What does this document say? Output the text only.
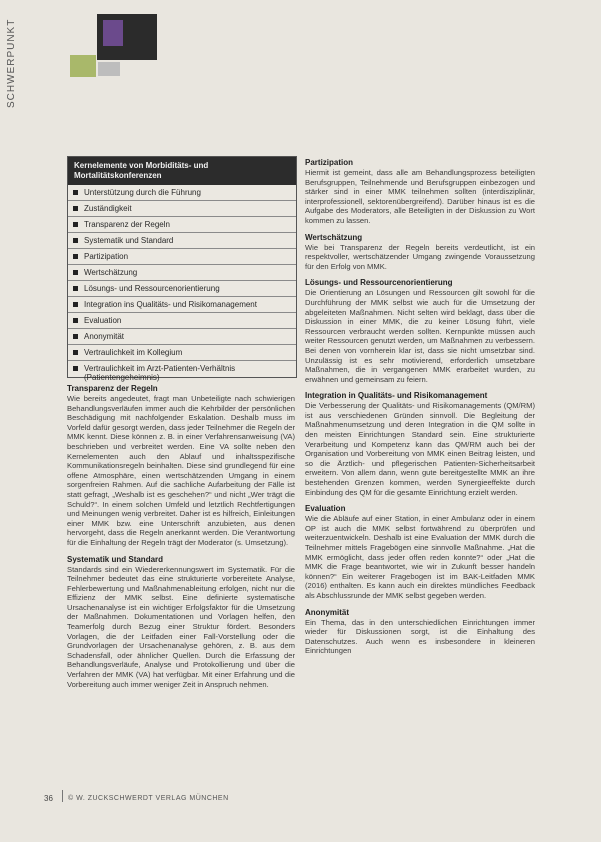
SCHWERPUNKT
Kernelemente von Morbiditäts- und Mortalitätskonferenzen
Unterstützung durch die Führung
Zuständigkeit
Transparenz der Regeln
Systematik und Standard
Partizipation
Wertschätzung
Lösungs- und Ressourcenorientierung
Integration ins Qualitäts- und Risikomanagement
Evaluation
Anonymität
Vertraulichkeit im Kollegium
Vertraulichkeit im Arzt-Patienten-Verhältnis (Patientengeheimnis)
Transparenz der Regeln

Wie bereits angedeutet, fragt man Unbeteiligte nach schwierigen Behandlungsverläufen immer auch die Kehrbilder der persönlichen Beschädigung mit nachfolgender Eskalation. Deshalb muss im Vorfeld dafür gesorgt werden, dass jeder Teilnehmer die Regeln der MMK kennt. Diese können z. B. in einer Verfahrensanweisung (VA) beschrieben und verbreitet werden. Eine VA sollte neben den Kernelementen auch den Ablauf und inhaltsspezifische Kommunikationsregeln beinhalten. Diese sind grundlegend für eine offene Atmosphäre, einen wertschätzenden Umgang in einem sorgenfreien Rahmen. Auf die sachliche Aufarbeitung der Fälle ist statt gefragt, „Weshalb ist es geschehen?“ und nicht „Wer trägt die Schuld?“. In einem solchen Umfeld und letztlich Rechtfertigungen und Meinungen wenig verbreitet. Daher ist es hilfreich, Einleitungen einer MMK bzw. eine Unterschrift anzubieten, aus denen hervorgeht, dass die Regeln anerkannt werden. Die Verantwortung für die Einhaltung der Regeln trägt der Moderator (s. Umsetzung).

Systematik und Standard

Standards sind ein Wiedererkennungswert im Systematik. Für die Teilnehmer bedeutet das eine strukturierte vorbereitete Analyse, Fehlerbewertung und Maßnahmenableitung erfolgen, nicht nur die Effizienz der MMK selbst. Eine definierte systematische Ursachenanalyse ist ein wichtiger Erfolgsfaktor für die Umsetzung der Maßnahmen. Dokumentationen und Vorlagen helfen, den Teamerfolg durch Bezug einer Struktur fördert. Besonders Vorlagen, die der Leitfaden einer Fall-Vorstellung oder die Grundvorlagen der Ursachenanalyse gehören, z. B. aus dem Schadensfall, oder ähnlicher Quellen. Durch die Erfassung der Behandlungsverläufe, Analyse und Protokollierung und über die Verfahren der MMK (VA) hat verfügbar. Mit einer Erfahrung und die Vorbereitung auch immer weniger Zeit in Anspruch nehmen.

Partizipation

Hiermit ist gemeint, dass alle am Behandlungsprozess beteiligten Berufsgruppen, Teilnehmende und Berufsgruppen einbezogen und stärker sind in einer MMK teilnehmen sollten (interdisziplinär, interprofessionell, sektorenübergreifend). Darüber hinaus ist es die Aufgabe des Moderators, alle Beteiligten in der Diskussion zu Wort kommen zu lassen.

Wertschätzung

Wie bei Transparenz der Regeln bereits verdeutlicht, ist ein respektvoller, wertschätzender Umgang zwingende Voraussetzung für den Erfolg von MMK.

Lösungs- und Ressourcenorientierung

Die Orientierung an Lösungen und Ressourcen gilt sowohl für die Durchführung der MMK selbst wie auch für die Umsetzung der abgeleiteten Maßnahmen. Nicht selten wird beklagt, dass über die Diskussion in einer MMK, die zu keiner Lösung führt, viele Ressourcen verbraucht werden sollten. Kernpunkte müssen auch weiter Ressourcen genutzt werden, um Maßnahmen zu verbessern. Bei denen von vornherein klar ist, dass sie nicht umsetzbar sind. Unzulässig ist es sehr motivierend, erforderlich umsetzbare Maßnahmen, die in vergangenen MMK erarbeitet wurden, zu erwähnen und gemeinsam zu feiern.

Integration in Qualitäts- und Risikomanagement

Die Verbesserung der Qualitäts- und Risikomanagements (QM/RM) ist aus verschiedenen Gründen sinnvoll. Die Begleitung der Maßnahmenumsetzung und deren Integration in die QM sollte in den meisten Einrichtungen Standard sein. Eine strukturierte Verarbeitung und Kompetenz kann das QM/RM auch bei der Organisation und Vorbereitung von MMK einen Beitrag leisten, und so die Ärztlich- und pflegerischen Patienten-Sicherheitsarbeit erweitern. Von allem dann, wenn gute bereitgestellte MMK an ihre bestehenden Grenzen kommen, werden Synergieeffekte durch Einbindung des QM für die gesamte Einrichtung erzielt werden.

Evaluation

Wie die Abläufe auf einer Station, in einer Ambulanz oder in einem OP ist auch die MMK selbst fortwährend zu überprüfen und weiterzuentwickeln. Deshalb ist eine Evaluation der MMK durch die Teilnehmer mittels Fragebögen eine sinnvolle Maßnahme. „Hat die MMK ermöglicht, dass jeder offen reden konnte?“ oder „Hat die MMK die Frage beantwortet, wie wir in Zukunft besser handeln können?“ Ein weiterer Fragebogen ist im BAK-Leitfaden MMK (2016) enthalten. Es kann auch ein direktes mündliches Feedback als Abschlussrunde der MMK selbst gegeben werden.

Anonymität

Ein Thema, das in den unterschiedlichen Einrichtungen immer wieder für Diskussionen sorgt, ist die Einhaltung des Datenschutzes. Auch wenn es insbesondere in kleineren Einrichtungen

36 © W. ZUCKSCHWERDT VERLAG MÜNCHEN
